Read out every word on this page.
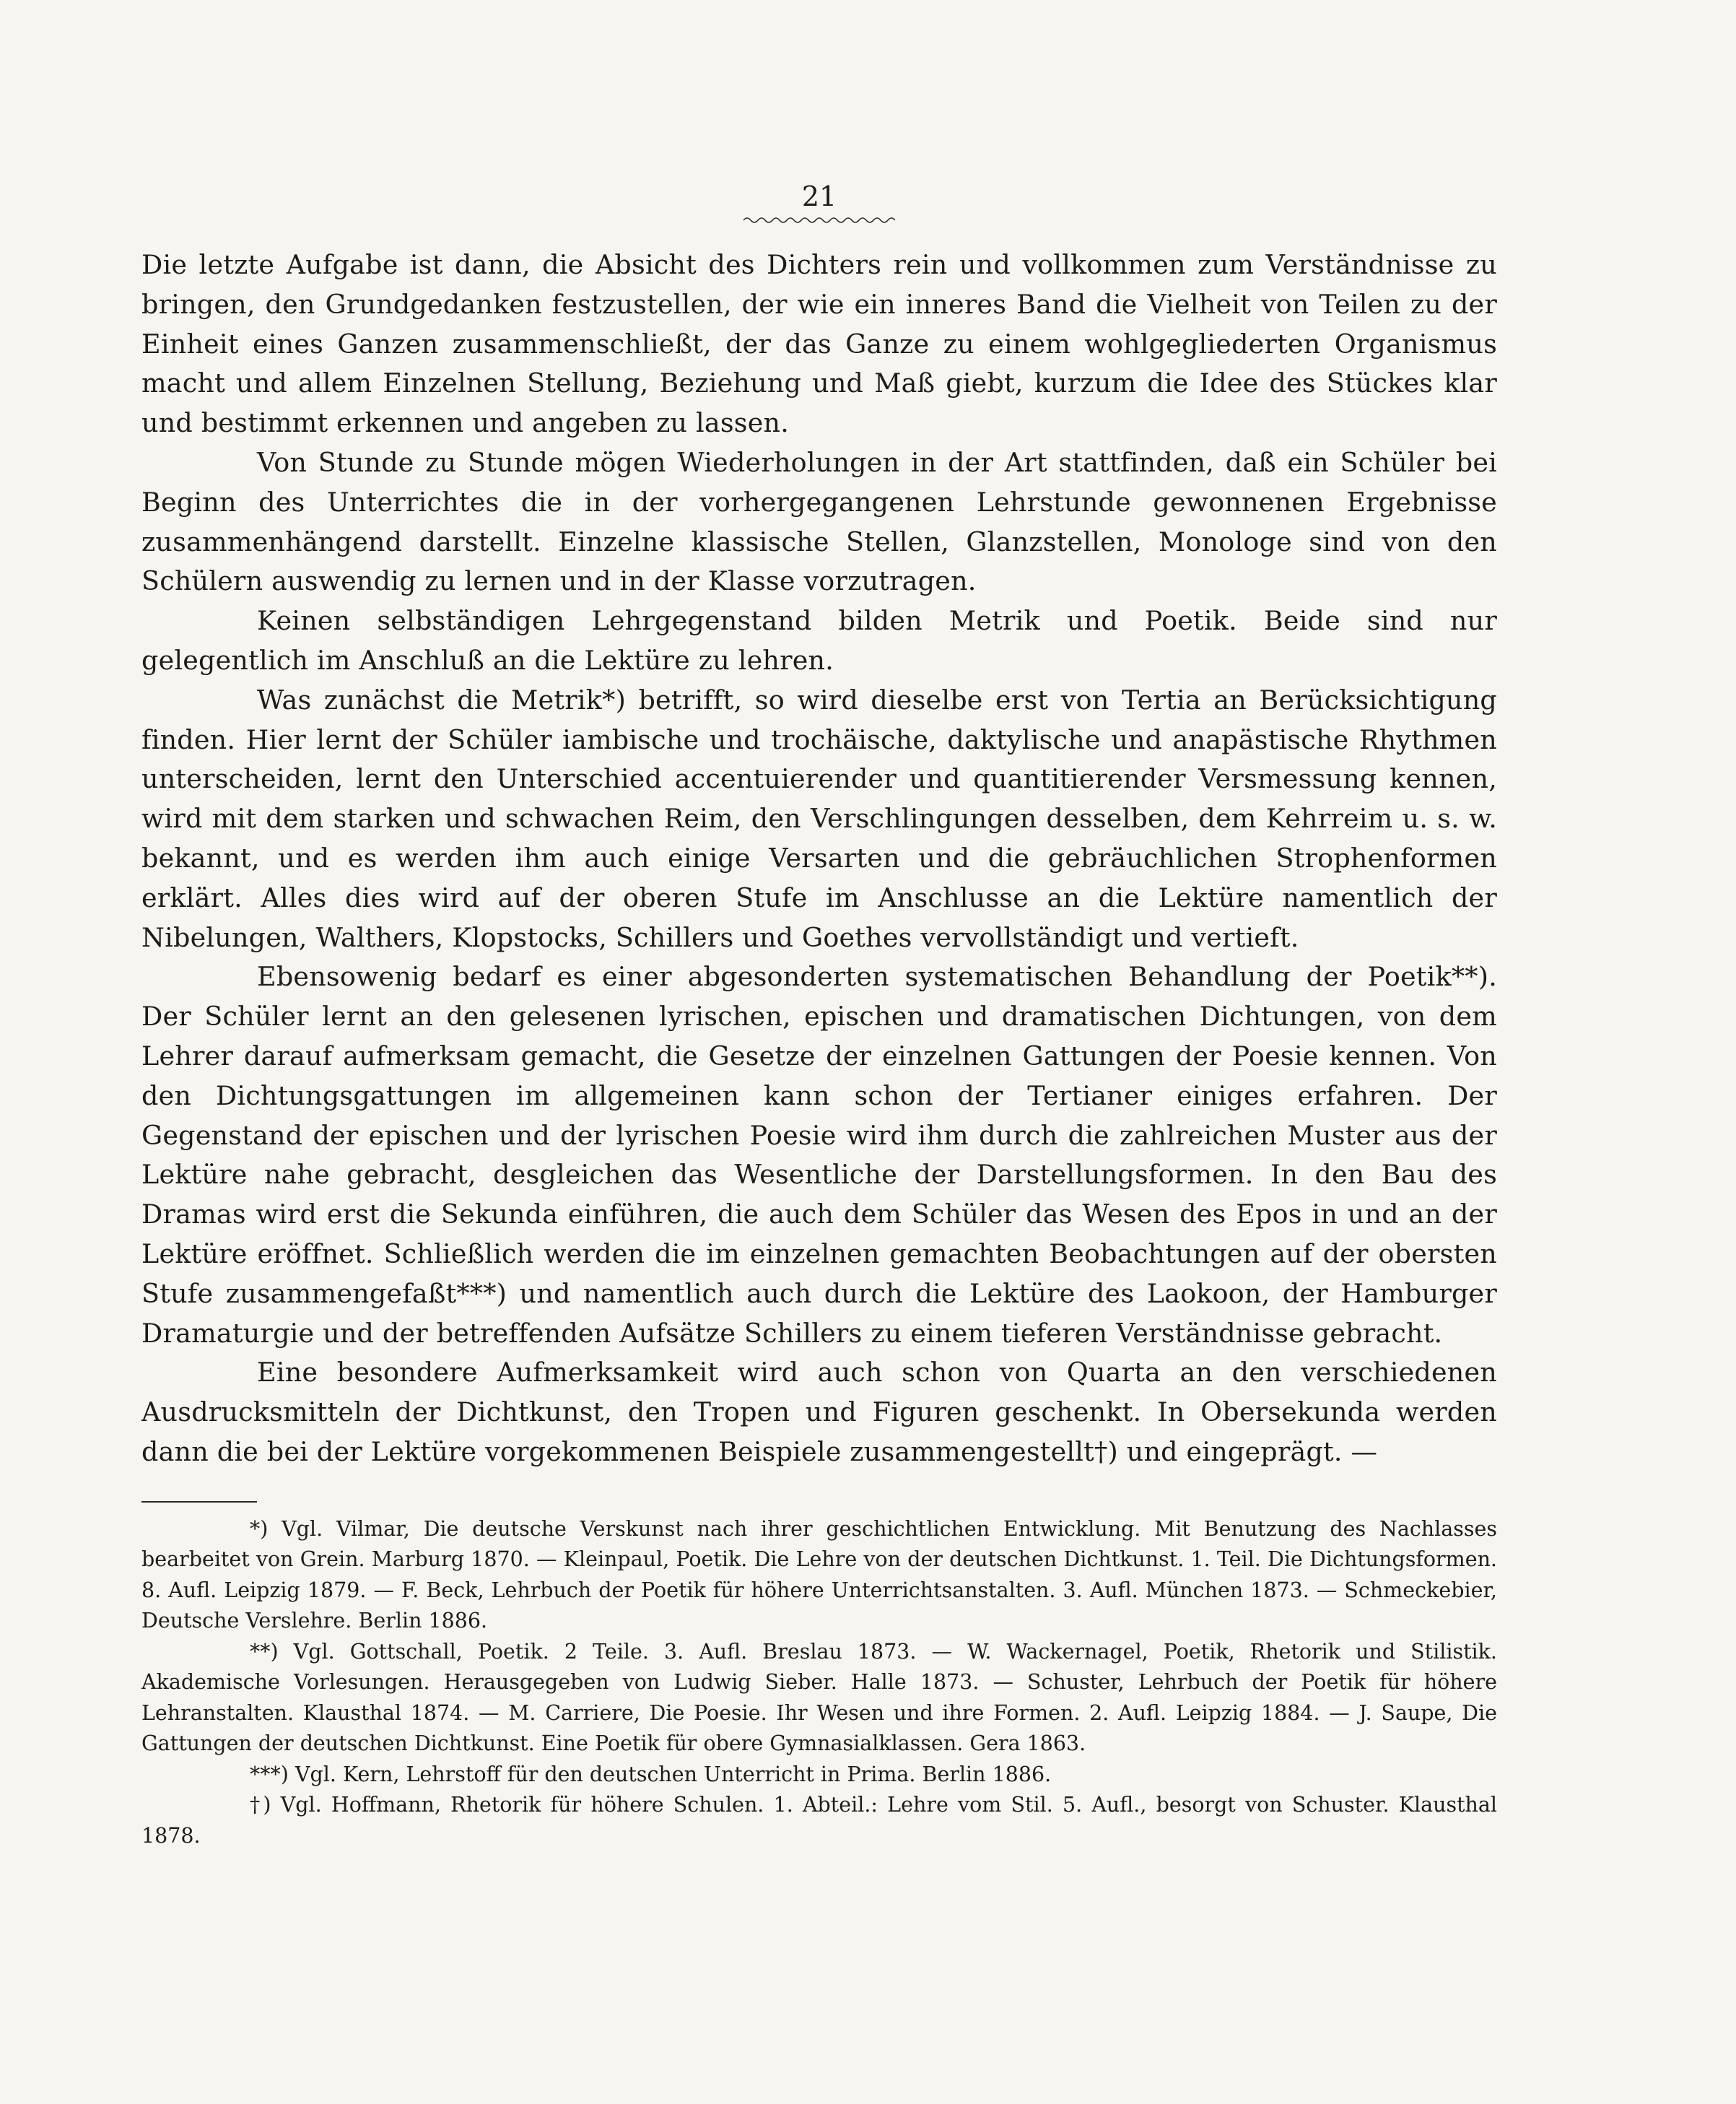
21

Die letzte Aufgabe ist dann, die Absicht des Dichters rein und vollkommen zum Verständnisse zu bringen, den Grundgedanken festzustellen, der wie ein inneres Band die Vielheit von Teilen zu der Einheit eines Ganzen zusammenschließt, der das Ganze zu einem wohlgegliederten Organismus macht und allem Einzelnen Stellung, Beziehung und Maß giebt, kurzum die Idee des Stückes klar und bestimmt erkennen und angeben zu lassen.

Von Stunde zu Stunde mögen Wiederholungen in der Art stattfinden, daß ein Schüler bei Beginn des Unterrichtes die in der vorhergegangenen Lehrstunde gewonnenen Ergebnisse zusammenhängend darstellt. Einzelne klassische Stellen, Glanzstellen, Monologe sind von den Schülern auswendig zu lernen und in der Klasse vorzutragen.

Keinen selbständigen Lehrgegenstand bilden Metrik und Poetik. Beide sind nur gelegentlich im Anschluß an die Lektüre zu lehren.

Was zunächst die Metrik*) betrifft, so wird dieselbe erst von Tertia an Berücksichtigung finden. Hier lernt der Schüler iambische und trochäische, daktylische und anapästische Rhythmen unterscheiden, lernt den Unterschied accentuierender und quantitierender Versmessung kennen, wird mit dem starken und schwachen Reim, den Verschlingungen desselben, dem Kehrreim u. s. w. bekannt, und es werden ihm auch einige Versarten und die gebräuchlichen Strophenformen erklärt. Alles dies wird auf der oberen Stufe im Anschlusse an die Lektüre namentlich der Nibelungen, Walthers, Klopstocks, Schillers und Goethes vervollständigt und vertieft.

Ebensowenig bedarf es einer abgesonderten systematischen Behandlung der Poetik**). Der Schüler lernt an den gelesenen lyrischen, epischen und dramatischen Dichtungen, von dem Lehrer darauf aufmerksam gemacht, die Gesetze der einzelnen Gattungen der Poesie kennen. Von den Dichtungsgattungen im allgemeinen kann schon der Tertianer einiges erfahren. Der Gegenstand der epischen und der lyrischen Poesie wird ihm durch die zahlreichen Muster aus der Lektüre nahe gebracht, desgleichen das Wesentliche der Darstellungsformen. In den Bau des Dramas wird erst die Sekunda einführen, die auch dem Schüler das Wesen des Epos in und an der Lektüre eröffnet. Schließlich werden die im einzelnen gemachten Beobachtungen auf der obersten Stufe zusammengefaßt***) und namentlich auch durch die Lektüre des Laokoon, der Hamburger Dramaturgie und der betreffenden Aufsätze Schillers zu einem tieferen Verständnisse gebracht.

Eine besondere Aufmerksamkeit wird auch schon von Quarta an den verschiedenen Ausdrucksmitteln der Dichtkunst, den Tropen und Figuren geschenkt. In Obersekunda werden dann die bei der Lektüre vorgekommenen Beispiele zusammengestellt†) und eingeprägt. —

*) Vgl. Vilmar, Die deutsche Verskunst nach ihrer geschichtlichen Entwicklung. Mit Benutzung des Nachlasses bearbeitet von Grein. Marburg 1870. — Kleinpaul, Poetik. Die Lehre von der deutschen Dichtkunst. 1. Teil. Die Dichtungsformen. 8. Aufl. Leipzig 1879. — F. Beck, Lehrbuch der Poetik für höhere Unterrichtsanstalten. 3. Aufl. München 1873. — Schmeckebier, Deutsche Verslehre. Berlin 1886.

**) Vgl. Gottschall, Poetik. 2 Teile. 3. Aufl. Breslau 1873. — W. Wackernagel, Poetik, Rhetorik und Stilistik. Akademische Vorlesungen. Herausgegeben von Ludwig Sieber. Halle 1873. — Schuster, Lehrbuch der Poetik für höhere Lehranstalten. Klausthal 1874. — M. Carriere, Die Poesie. Ihr Wesen und ihre Formen. 2. Aufl. Leipzig 1884. — J. Saupe, Die Gattungen der deutschen Dichtkunst. Eine Poetik für obere Gymnasialklassen. Gera 1863.

***) Vgl. Kern, Lehrstoff für den deutschen Unterricht in Prima. Berlin 1886.

†) Vgl. Hoffmann, Rhetorik für höhere Schulen. 1. Abteil.: Lehre vom Stil. 5. Aufl., besorgt von Schuster. Klausthal 1878.
